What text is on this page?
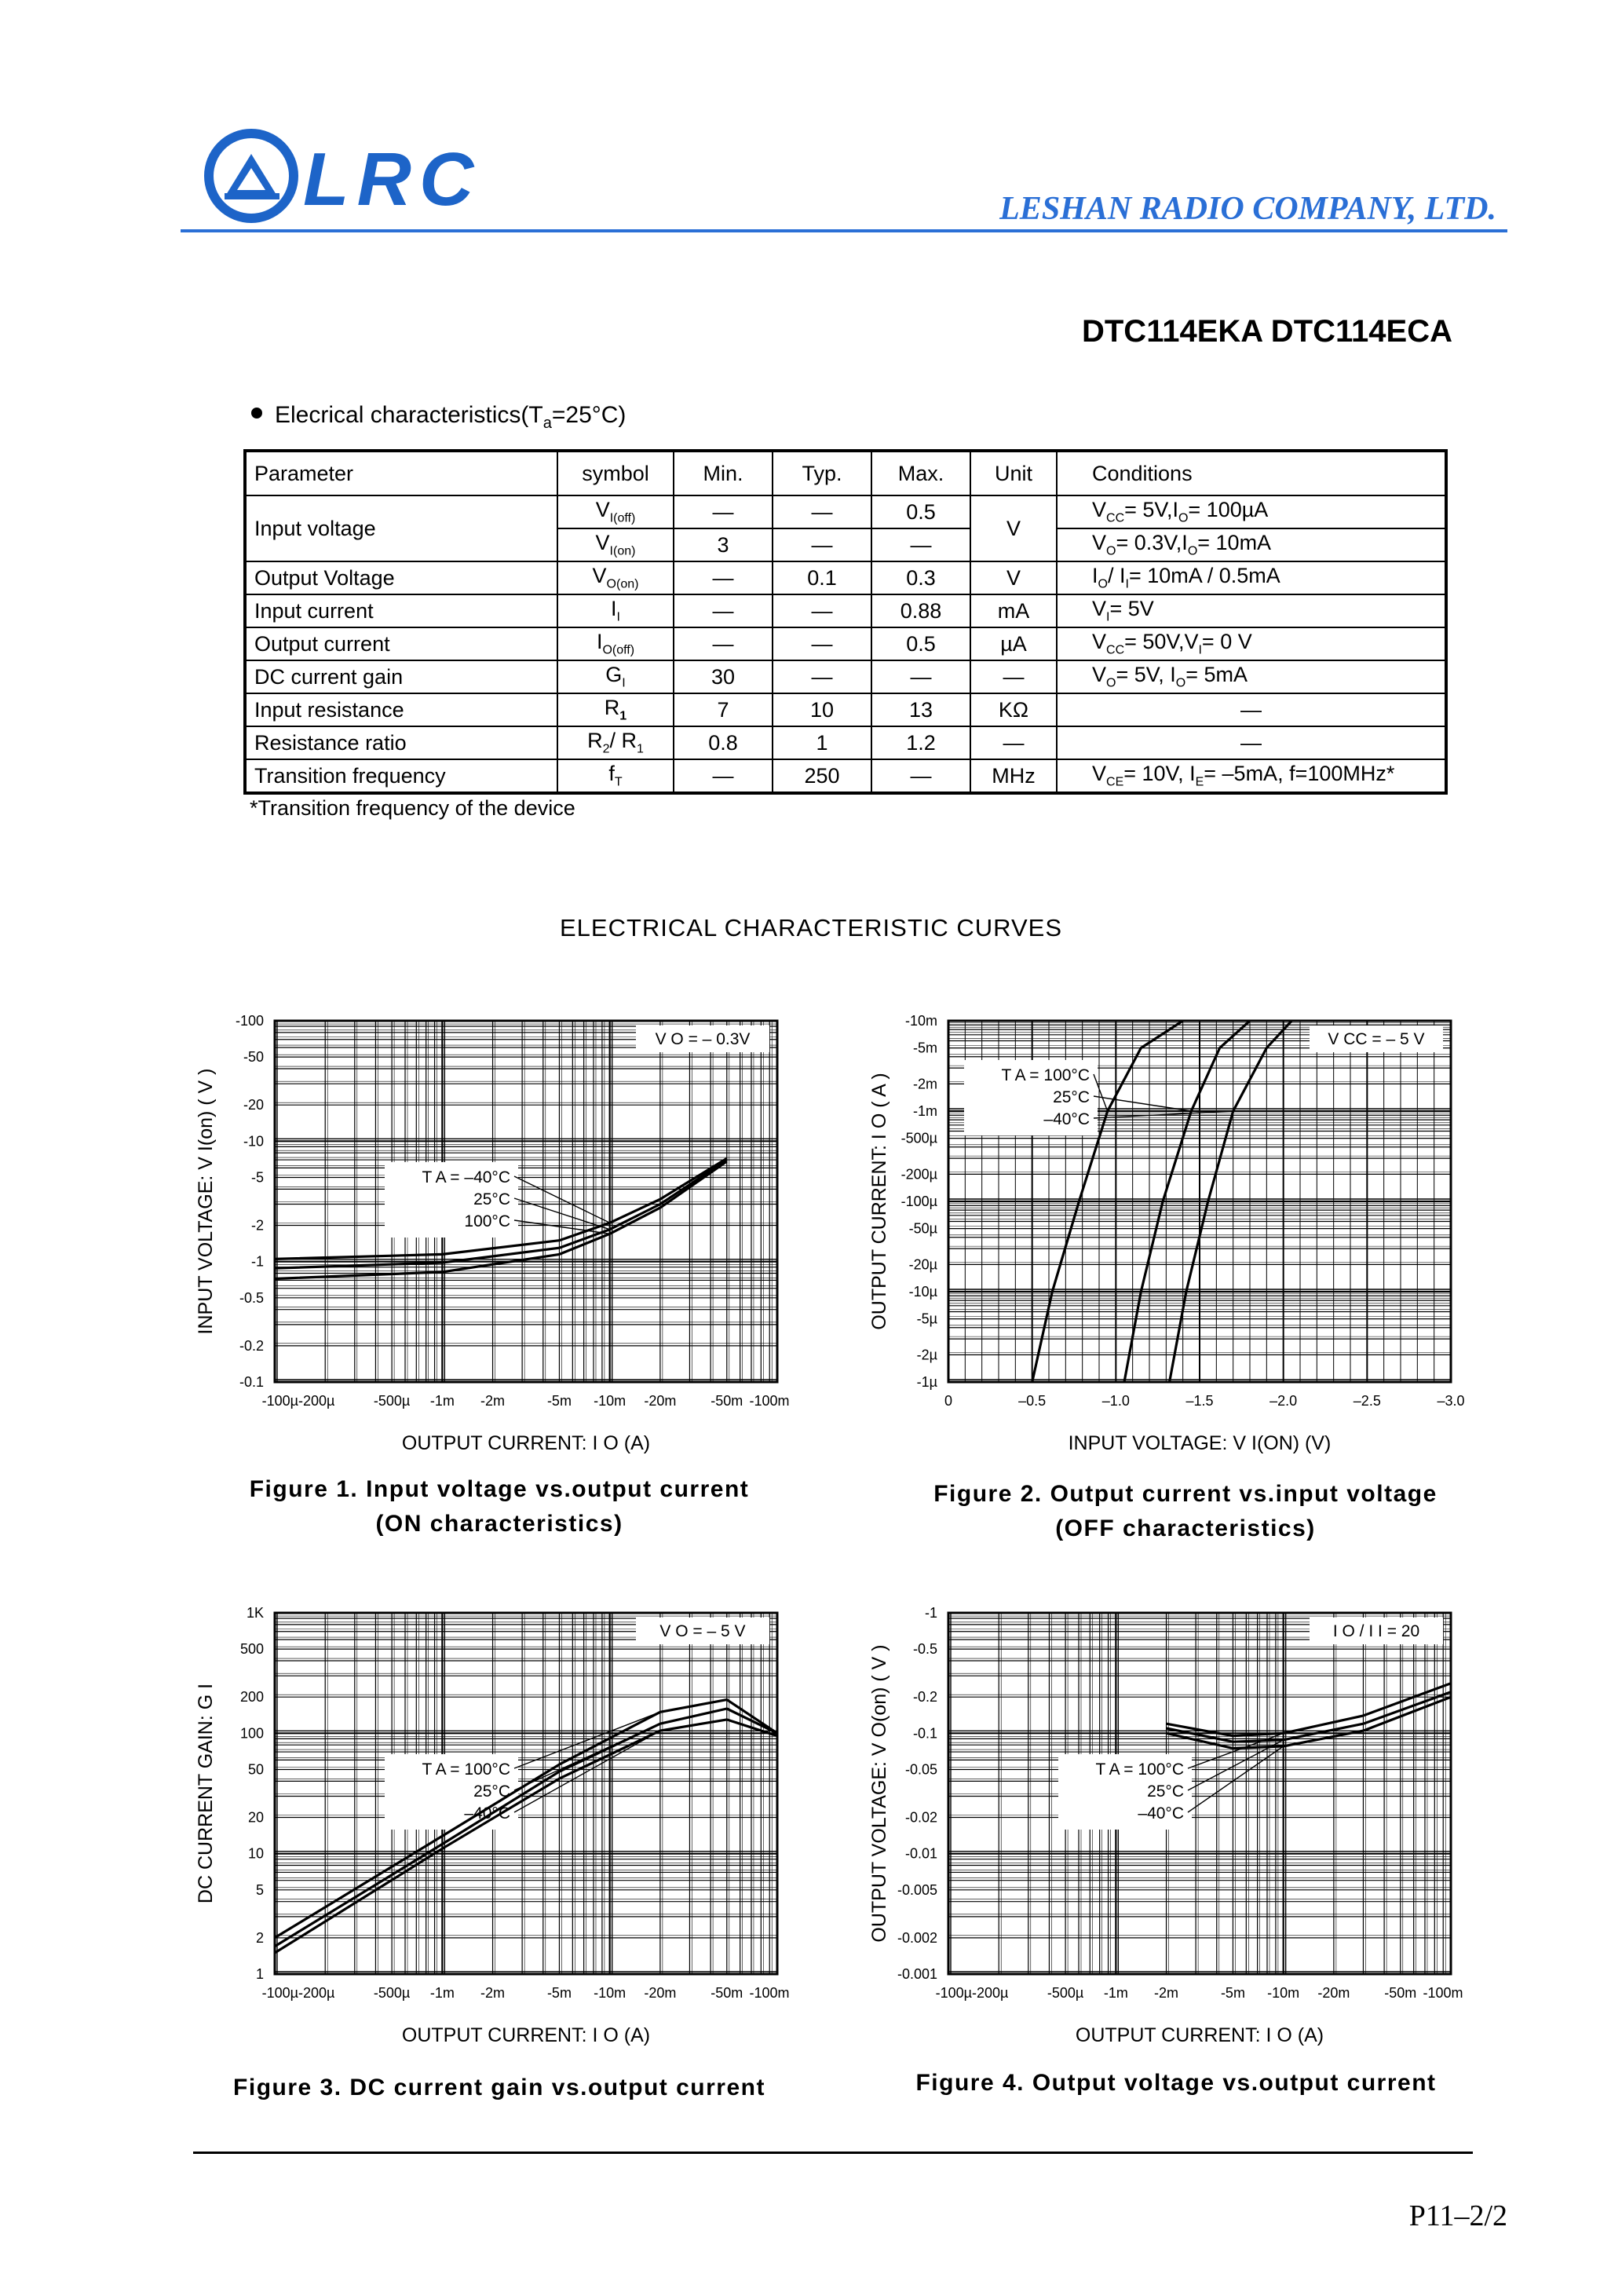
LRC	LESHAN RADIO COMPANY, LTD.
DTC114EKA DTC114ECA
Elecrical $characteristics(T_a=25^\circ C)$
Parameter	symbol	Min.	Typ.	Max.	Unit	Conditions
Input voltage	$V_{I(off)}$	—	—	0.5	V	$V_{CC}= 5V,I_O= 100\mu A$
	$V_{I(on)}$	3	—	—		$V_O= 0.3V,I_O= 10mA$
Output Voltage	$V_{O(on)}$	—	0.1	0.3	V	$I_O/$ $I_I= 10mA / 0.5mA$
Input current	$I_I$	—	—	0.88	mA	$V_I= 5V$
Output current	$I_{O(off)}$	—	—	0.5	µA	$V_{CC}= 50V,V_I= 0$ V
DC current gain	$G_I$	30	—	—	—	$V_O= 5V$, $I_O= 5mA$
Input resistance	$R_1$	7	10	13	KΩ	—
Resistance ratio	$R_2/$ $R_1$	0.8	1	1.2	—	—
Transition frequency	$f_T$	—	250	—	MHz	$V_{CE}= 10V$, $I_E= -5mA$, f=100MHz*
*Transition frequency of the device
ELECTRICAL CHARACTERISTIC CURVES
-100µ-200µ	-500µ -1m -2m	-5m -10m -20m -50m -100m
-100
-50
-20
-10
-5
-2
-1
-0.5
-0.2
-0.1
OUTPUT CURRENT: I O (A)
INPUT VOLTAGE: V I(on) ( V )
V O = – 0.3V
T A = –40°C
25°C
100°C
0	–0.5	–1.0	–1.5	–2.0	–2.5	–3.0
-10m
-5m
-2m
-1m
-500µ
-200µ
-100µ
-50µ
-20µ
-10µ
-5µ
-2µ
-1µ
INPUT VOLTAGE: V I(ON) (V)
OUTPUT CURRENT: I O ( A )
V CC = – 5 V
T A = 100°C
25°C
–40°C
-100µ-200µ	-500µ -1m -2m	-5m -10m -20m -50m -100m
1K
500
200
100
50
20
10
5
2
1
OUTPUT CURRENT: I O (A)
DC CURRENT GAIN: G I
V O = – 5 V
T A = 100°C
25°C
–40°C
-100µ-200µ	-500µ -1m -2m	-5m -10m -20m -50m -100m
-1
-0.5
-0.2
-0.1
-0.05
-0.02
-0.01
-0.005
-0.002
-0.001
OUTPUT CURRENT: I O (A)
OUTPUT VOLTAGE: V O(on) ( V )
I O / I I = 20
T A = 100°C
25°C
–40°C
Figure 1. Input voltage vs.output current
(ON characteristics)
Figure 2. Output current vs.input voltage
(OFF characteristics)
Figure 3. DC current gain vs.output current	Figure 4. Output voltage vs.output current
P11–2/2
